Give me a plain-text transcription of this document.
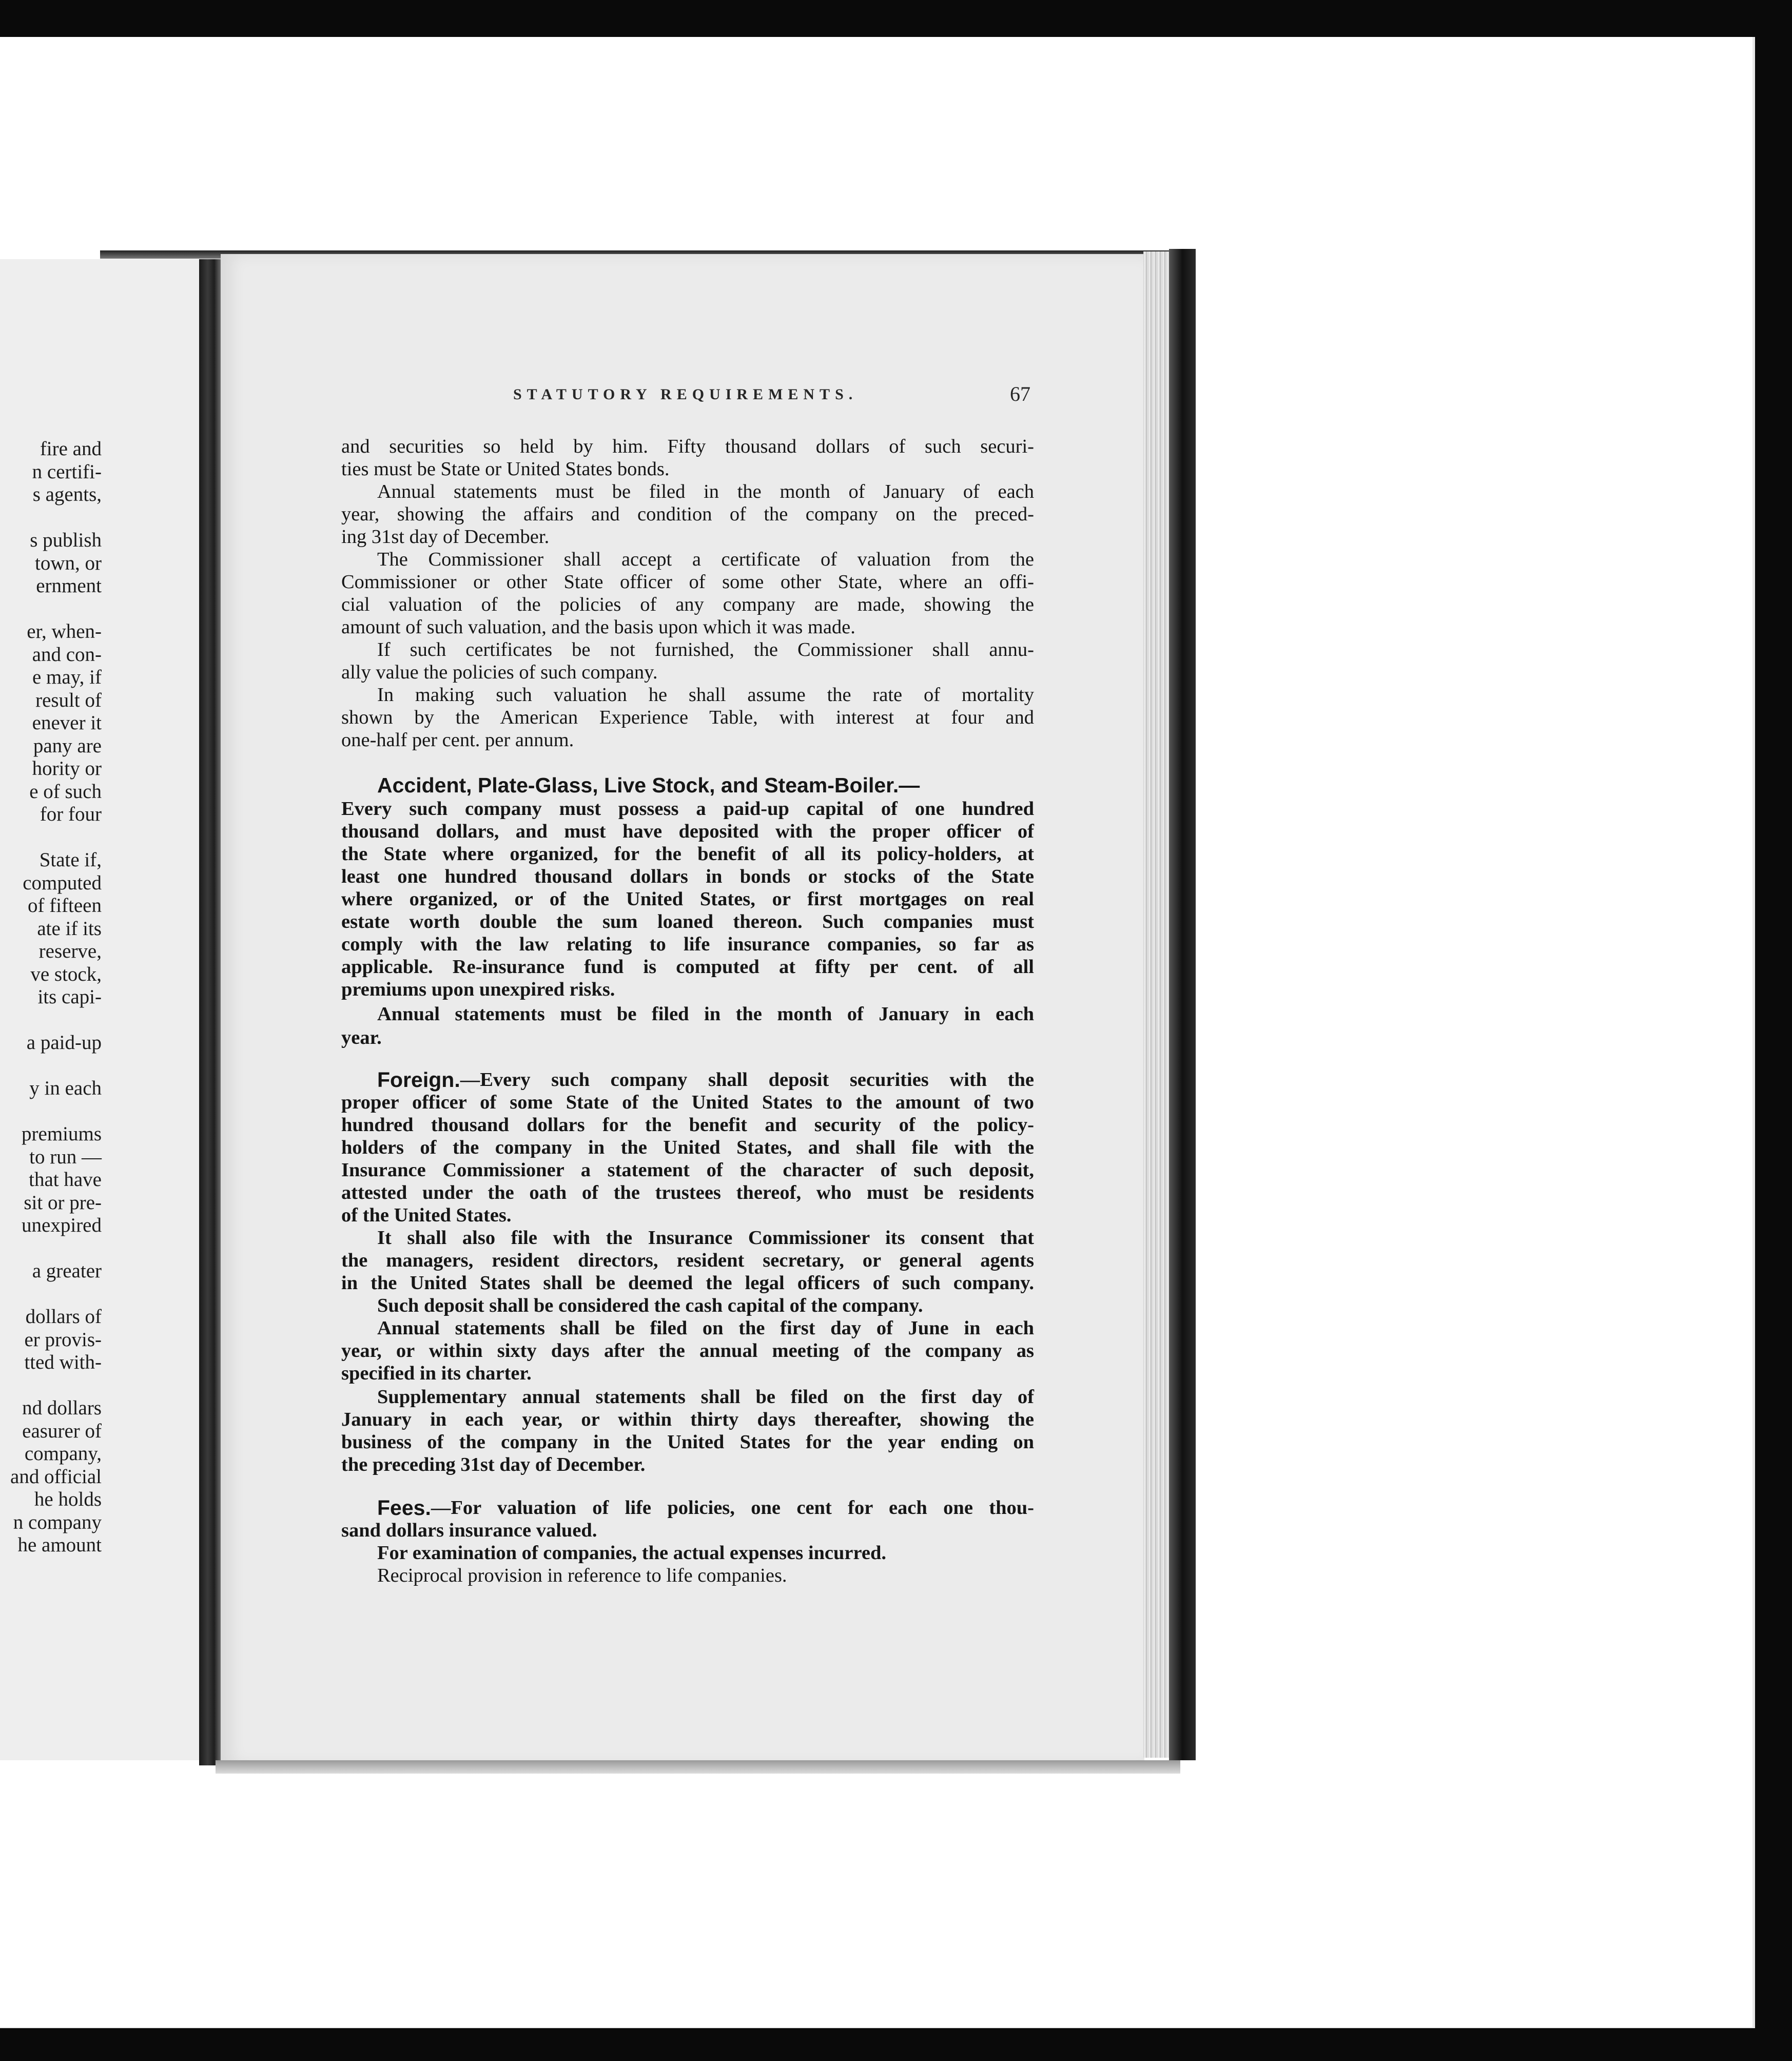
fire and
n certifi-
s agents,
s publish
town, or
ernment
er, when-
and con-
e may, if
result of
enever it
pany are
hority or
e of such
for four
State if,
computed
of fifteen
ate if its
reserve,
ve stock,
its capi-
a paid-up
y in each
premiums
to run —
that have
sit or pre-
unexpired
a greater
dollars of
er provis-
tted with-
nd dollars
easurer of
company,
and official
he holds
n company
he amount
STATUTORY REQUIREMENTS.	67
and securities so held by him. Fifty thousand dollars of such securi-
ties must be State or United States bonds.
Annual statements must be filed in the month of January of each
year, showing the affairs and condition of the company on the preced-
ing 31st day of December.
The Commissioner shall accept a certificate of valuation from the
Commissioner or other State officer of some other State, where an offi-
cial valuation of the policies of any company are made, showing the
amount of such valuation, and the basis upon which it was made.
If such certificates be not furnished, the Commissioner shall annu-
ally value the policies of such company.
In making such valuation he shall assume the rate of mortality
shown by the American Experience Table, with interest at four and
one-half per cent. per annum.
Accident, Plate-Glass, Live Stock, and Steam-Boiler.—
Every such company must possess a paid-up capital of one hundred
thousand dollars, and must have deposited with the proper officer of
the State where organized, for the benefit of all its policy-holders, at
least one hundred thousand dollars in bonds or stocks of the State
where organized, or of the United States, or first mortgages on real
estate worth double the sum loaned thereon. Such companies must
comply with the law relating to life insurance companies, so far as
applicable. Re-insurance fund is computed at fifty per cent. of all
premiums upon unexpired risks.
Annual statements must be filed in the month of January in each
year.
Foreign. —Every such company shall deposit securities with the
proper officer of some State of the United States to the amount of two
hundred thousand dollars for the benefit and security of the policy-
holders of the company in the United States, and shall file with the
Insurance Commissioner a statement of the character of such deposit,
attested under the oath of the trustees thereof, who must be residents
of the United States.
It shall also file with the Insurance Commissioner its consent that
the managers, resident directors, resident secretary, or general agents
in the United States shall be deemed the legal officers of such company.
Such deposit shall be considered the cash capital of the company.
Annual statements shall be filed on the first day of June in each
year, or within sixty days after the annual meeting of the company as
specified in its charter.
Supplementary annual statements shall be filed on the first day of
January in each year, or within thirty days thereafter, showing the
business of the company in the United States for the year ending on
the preceding 31st day of December.
Fees. —For valuation of life policies, one cent for each one thou-
sand dollars insurance valued.
For examination of companies, the actual expenses incurred.
Reciprocal provision in reference to life companies.
